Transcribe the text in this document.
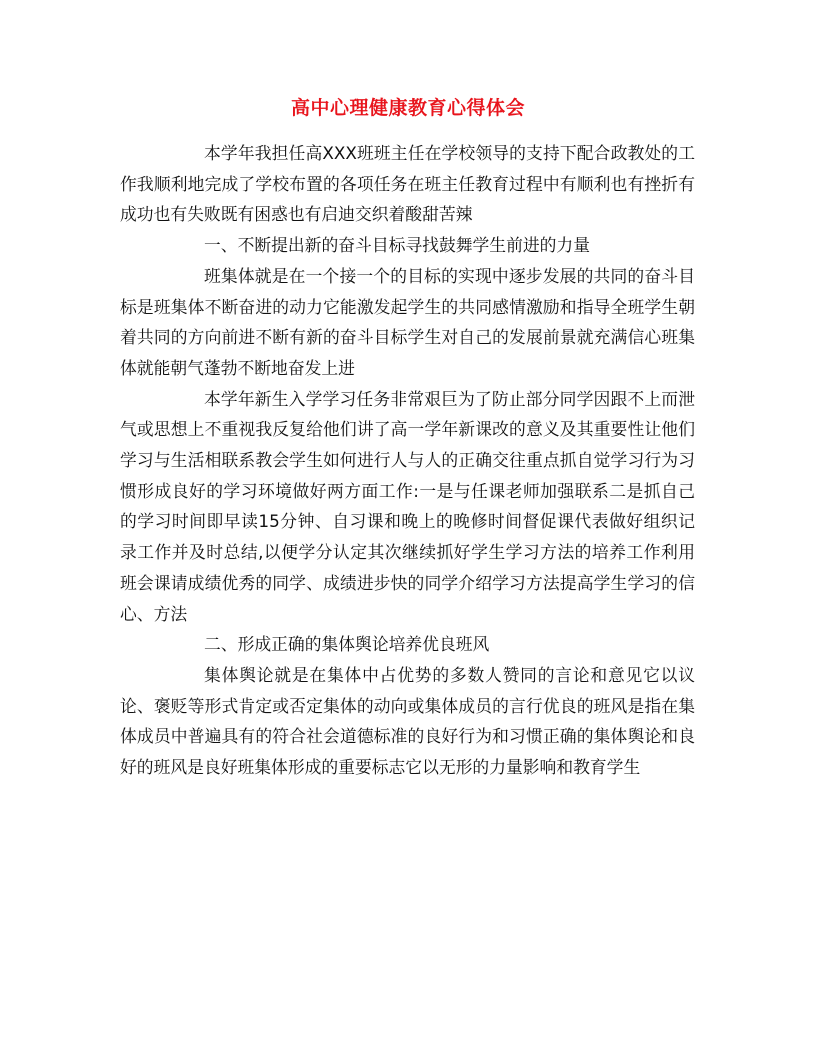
高中心理健康教育心得体会

本学年我担任高XXX班班主任在学校领导的支持下配合政教处的工作我顺利地完成了学校布置的各项任务在班主任教育过程中有顺利也有挫折有成功也有失败既有困惑也有启迪交织着酸甜苦辣

一、不断提出新的奋斗目标寻找鼓舞学生前进的力量

班集体就是在一个接一个的目标的实现中逐步发展的共同的奋斗目标是班集体不断奋进的动力它能激发起学生的共同感情激励和指导全班学生朝着共同的方向前进不断有新的奋斗目标学生对自己的发展前景就充满信心班集体就能朝气蓬勃不断地奋发上进

本学年新生入学学习任务非常艰巨为了防止部分同学因跟不上而泄气或思想上不重视我反复给他们讲了高一学年新课改的意义及其重要性让他们学习与生活相联系教会学生如何进行人与人的正确交往重点抓自觉学习行为习惯形成良好的学习环境做好两方面工作:一是与任课老师加强联系二是抓自己的学习时间即早读15分钟、自习课和晚上的晚修时间督促课代表做好组织记录工作并及时总结,以便学分认定其次继续抓好学生学习方法的培养工作利用班会课请成绩优秀的同学、成绩进步快的同学介绍学习方法提高学生学习的信心、方法

二、形成正确的集体舆论培养优良班风

集体舆论就是在集体中占优势的多数人赞同的言论和意见它以议论、褒贬等形式肯定或否定集体的动向或集体成员的言行优良的班风是指在集体成员中普遍具有的符合社会道德标准的良好行为和习惯正确的集体舆论和良好的班风是良好班集体形成的重要标志它以无形的力量影响和教育学生
